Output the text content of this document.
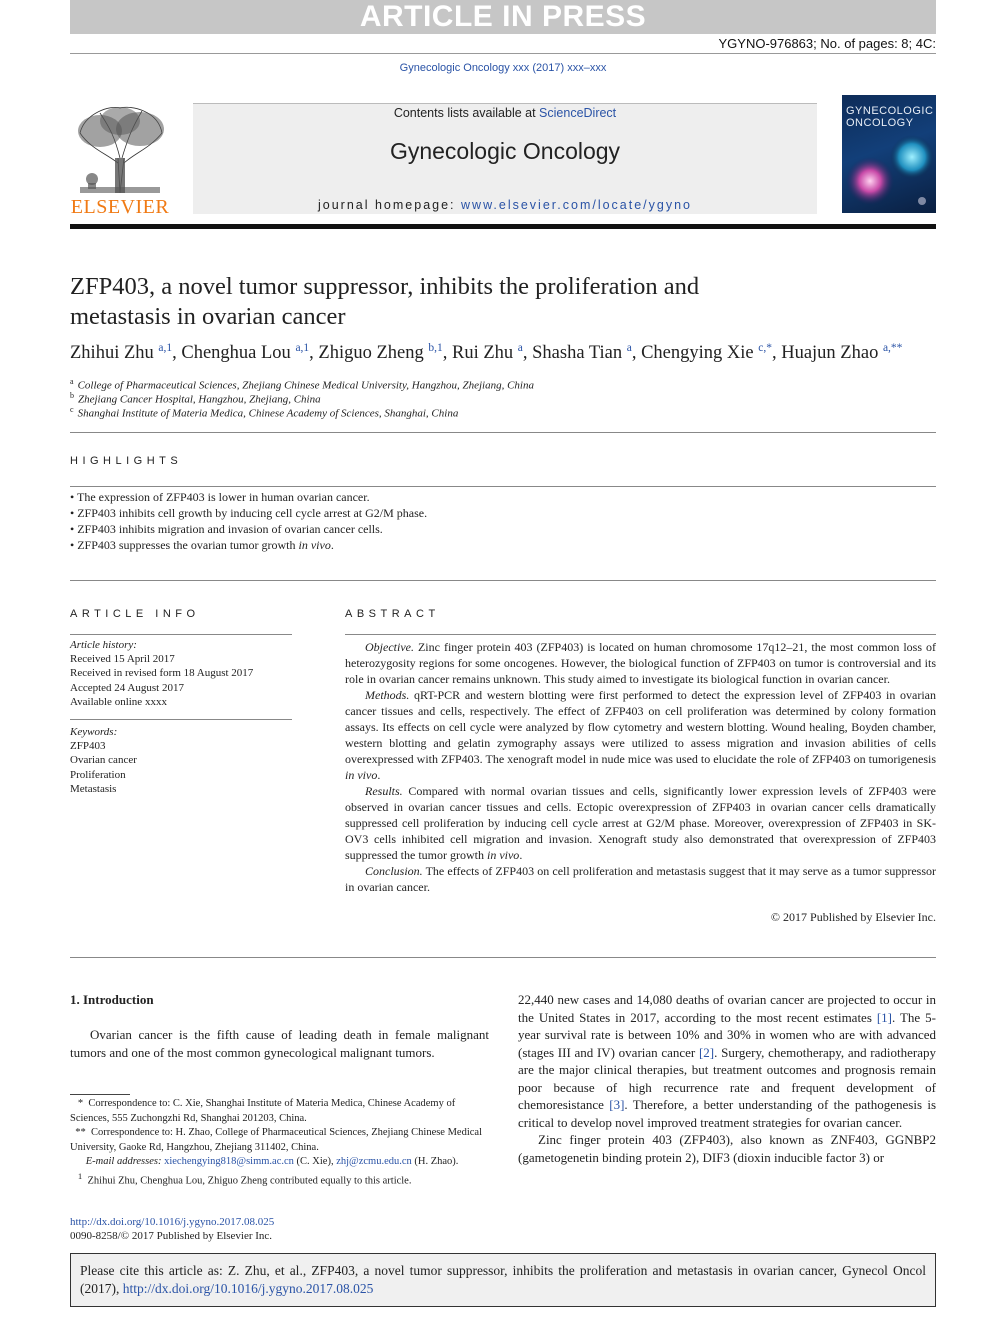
ARTICLE IN PRESS
YGYNO-976863; No. of pages: 8; 4C:
Gynecologic Oncology xxx (2017) xxx–xxx
ELSEVIER
Contents lists available at ScienceDirect
Gynecologic Oncology
journal homepage: www.elsevier.com/locate/ygyno
GYNECOLOGIC ONCOLOGY
ZFP403, a novel tumor suppressor, inhibits the proliferation and
metastasis in ovarian cancer
Zhihui Zhu $^{a,1}$, Chenghua Lou $^{a,1}$, Zhiguo Zheng $^{b,1}$, Rui Zhu $^a$, Shasha Tian $^a$, Chengying Xie $^{c,*}$, Huajun Zhao $^{a,**}$
$^a$ College of Pharmaceutical Sciences, Zhejiang Chinese Medical University, Hangzhou, Zhejiang, China
$^b$ Zhejiang Cancer Hospital, Hangzhou, Zhejiang, China
$^c$ Shanghai Institute of Materia Medica, Chinese Academy of Sciences, Shanghai, China
HIGHLIGHTS
• The expression of ZFP403 is lower in human ovarian cancer.
• ZFP403 inhibits cell growth by inducing cell cycle arrest at G2/M phase.
• ZFP403 inhibits migration and invasion of ovarian cancer cells.
• ZFP403 suppresses the ovarian tumor growth in vivo.
ARTICLE INFO
Article history:
Received 15 April 2017
Received in revised form 18 August 2017
Accepted 24 August 2017
Available online xxxx
Keywords:
ZFP403
Ovarian cancer
Proliferation
Metastasis
ABSTRACT

Objective. Zinc finger protein 403 (ZFP403) is located on human chromosome 17q12–21, the most common loss of heterozygosity regions for some oncogenes. However, the biological function of ZFP403 on tumor is controversial and its role in ovarian cancer remains unknown. This study aimed to investigate its biological function in ovarian cancer.

Methods. qRT-PCR and western blotting were first performed to detect the expression level of ZFP403 in ovarian cancer tissues and cells, respectively. The effect of ZFP403 on cell proliferation was determined by colony formation assays. Its effects on cell cycle were analyzed by flow cytometry and western blotting. Wound healing, Boyden chamber, western blotting and gelatin zymography assays were utilized to assess migration and invasion abilities of cells overexpressed with ZFP403. The xenograft model in nude mice was used to elucidate the role of ZFP403 on tumorigenesis in vivo.

Results. Compared with normal ovarian tissues and cells, significantly lower expression levels of ZFP403 were observed in ovarian cancer tissues and cells. Ectopic overexpression of ZFP403 in ovarian cancer cells dramatically suppressed cell proliferation by inducing cell cycle arrest at G2/M phase. Moreover, overexpression of ZFP403 in SK-OV3 cells inhibited cell migration and invasion. Xenograft study also demonstrated that overexpression of ZFP403 suppressed the tumor growth in vivo.

Conclusion. The effects of ZFP403 on cell proliferation and metastasis suggest that it may serve as a tumor suppressor in ovarian cancer.

© 2017 Published by Elsevier Inc.
1. Introduction

Ovarian cancer is the fifth cause of leading death in female malignant tumors and one of the most common gynecological malignant tumors.

22,440 new cases and 14,080 deaths of ovarian cancer are projected to occur in the United States in 2017, according to the most recent estimates [1]. The 5-year survival rate is between 10% and 30% in women who are with advanced (stages III and IV) ovarian cancer [2]. Surgery, chemotherapy, and radiotherapy are the major clinical therapies, but treatment outcomes and prognosis remain poor because of high recurrence rate and frequent development of chemoresistance [3]. Therefore, a better understanding of the pathogenesis is critical to develop novel improved treatment strategies for ovarian cancer.

Zinc finger protein 403 (ZFP403), also known as ZNF403, GGNBP2 (gametogenetin binding protein 2), DIF3 (dioxin inducible factor 3) or

* Correspondence to: C. Xie, Shanghai Institute of Materia Medica, Chinese Academy of Sciences, 555 Zuchongzhi Rd, Shanghai 201203, China.
** Correspondence to: H. Zhao, College of Pharmaceutical Sciences, Zhejiang Chinese Medical University, Gaoke Rd, Hangzhou, Zhejiang 311402, China.
E-mail addresses: xiechengying818@simm.ac.cn (C. Xie), zhj@zcmu.edu.cn (H. Zhao).
$^1$ Zhihui Zhu, Chenghua Lou, Zhiguo Zheng contributed equally to this article.
http://dx.doi.org/10.1016/j.ygyno.2017.08.025
0090-8258/© 2017 Published by Elsevier Inc.
Please cite this article as: Z. Zhu, et al., ZFP403, a novel tumor suppressor, inhibits the proliferation and metastasis in ovarian cancer, Gynecol Oncol (2017), http://dx.doi.org/10.1016/j.ygyno.2017.08.025
